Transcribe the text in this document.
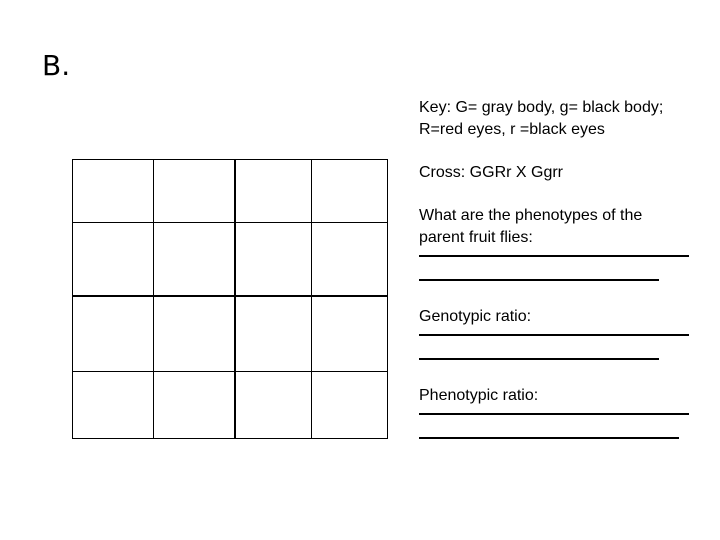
B.

Key: G= gray body, g= black body;

R=red eyes, r =black eyes

Cross: GGRr X Ggrr

What are the phenotypes of the

parent fruit flies:

Genotypic ratio:

Phenotypic ratio:
